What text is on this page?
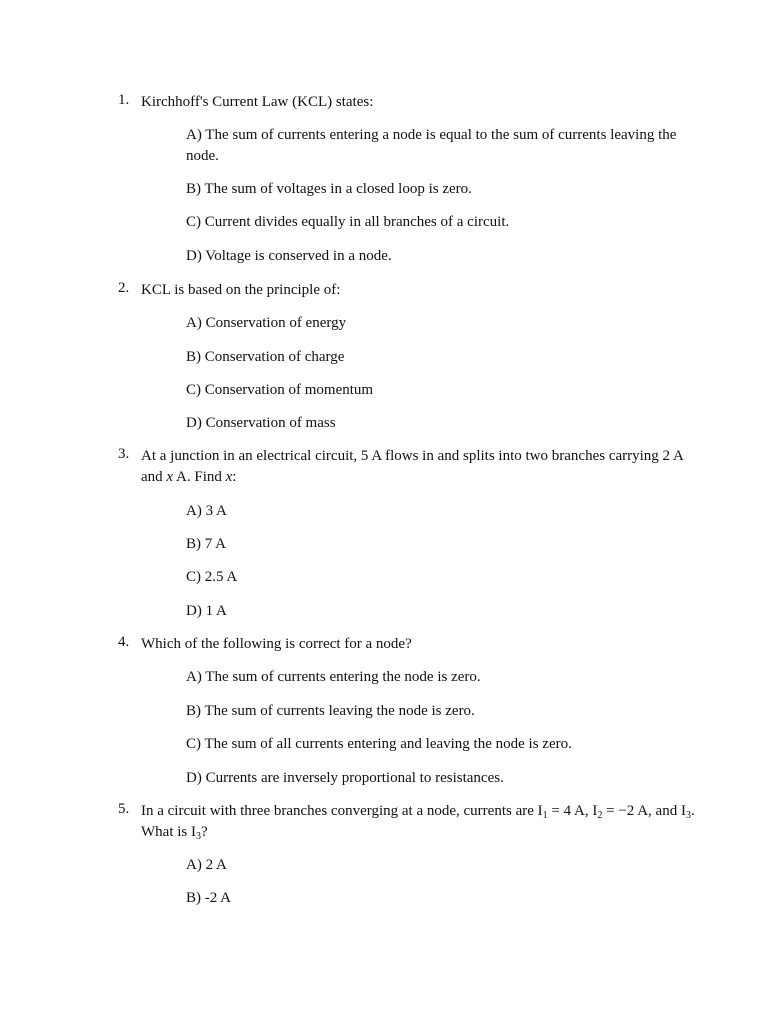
1. Kirchhoff's Current Law (KCL) states:
A) The sum of currents entering a node is equal to the sum of currents leaving the node.
B) The sum of voltages in a closed loop is zero.
C) Current divides equally in all branches of a circuit.
D) Voltage is conserved in a node.
2. KCL is based on the principle of:
A) Conservation of energy
B) Conservation of charge
C) Conservation of momentum
D) Conservation of mass
3. At a junction in an electrical circuit, 5 A flows in and splits into two branches carrying 2 A and x A. Find x:
A) 3 A
B) 7 A
C) 2.5 A
D) 1 A
4. Which of the following is correct for a node?
A) The sum of currents entering the node is zero.
B) The sum of currents leaving the node is zero.
C) The sum of all currents entering and leaving the node is zero.
D) Currents are inversely proportional to resistances.
5. In a circuit with three branches converging at a node, currents are $I_1 = 4$ A, $I_2 = -2$ A, and $I_3$. What is $I_3$?
A) 2 A
B) -2 A
